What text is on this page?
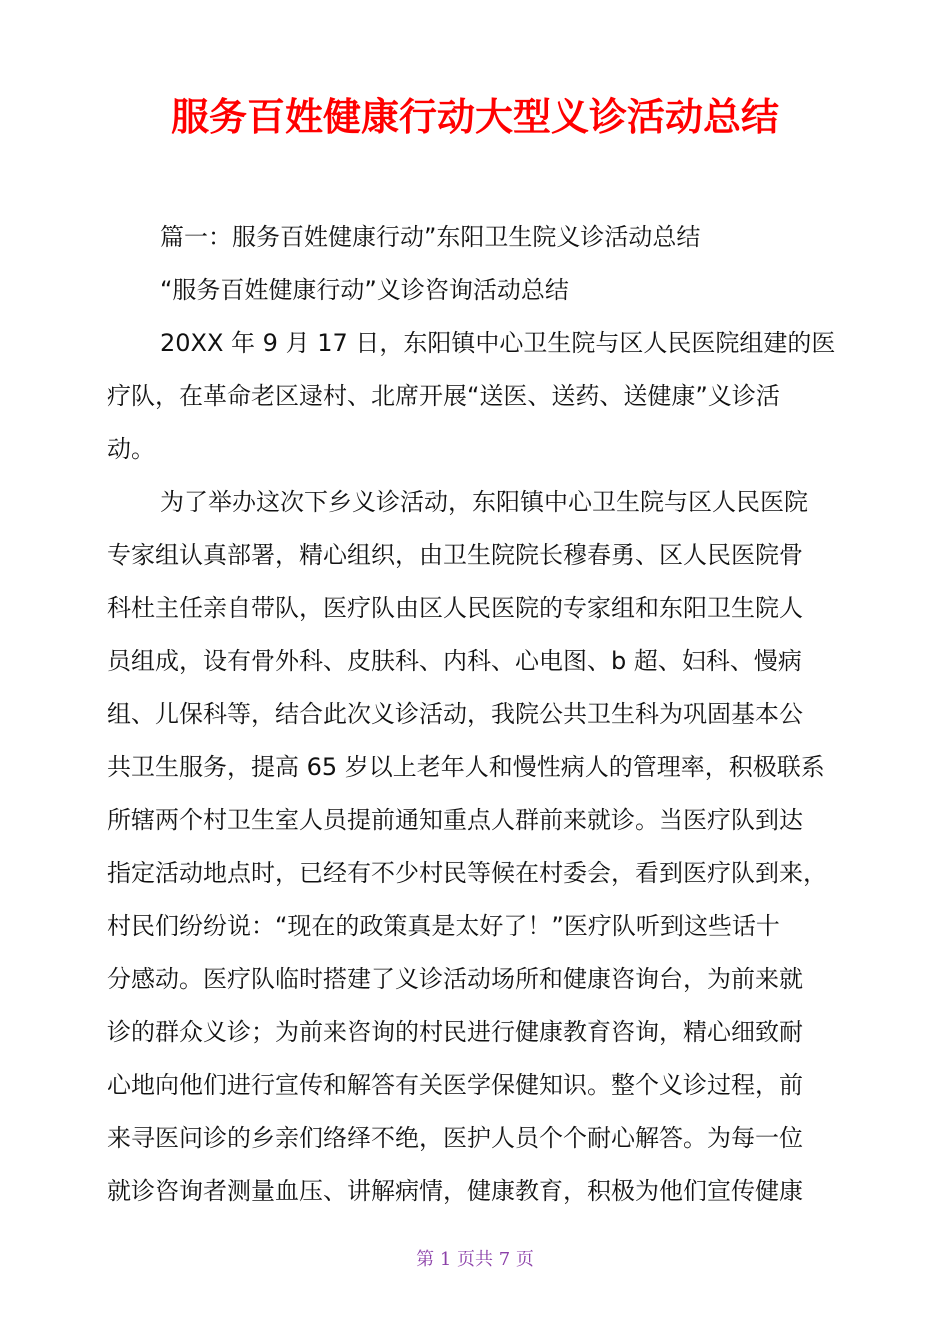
服务百姓健康行动大型义诊活动总结
篇一：服务百姓健康行动”东阳卫生院义诊活动总结
“服务百姓健康行动”义诊咨询活动总结
20XX 年 9 月 17 日，东阳镇中心卫生院与区人民医院组建的医
疗队，在革命老区逯村、北席开展“送医、送药、送健康”义诊活
动。
为了举办这次下乡义诊活动，东阳镇中心卫生院与区人民医院
专家组认真部署，精心组织，由卫生院院长穆春勇、区人民医院骨
科杜主任亲自带队，医疗队由区人民医院的专家组和东阳卫生院人
员组成，设有骨外科、皮肤科、内科、心电图、b 超、妇科、慢病
组、儿保科等，结合此次义诊活动，我院公共卫生科为巩固基本公
共卫生服务，提高 65 岁以上老年人和慢性病人的管理率，积极联系
所辖两个村卫生室人员提前通知重点人群前来就诊。当医疗队到达
指定活动地点时，已经有不少村民等候在村委会，看到医疗队到来，
村民们纷纷说：“现在的政策真是太好了！”医疗队听到这些话十
分感动。医疗队临时搭建了义诊活动场所和健康咨询台，为前来就
诊的群众义诊；为前来咨询的村民进行健康教育咨询，精心细致耐
心地向他们进行宣传和解答有关医学保健知识。整个义诊过程，前
来寻医问诊的乡亲们络绎不绝，医护人员个个耐心解答。为每一位
就诊咨询者测量血压、讲解病情，健康教育，积极为他们宣传健康
第 1 页共 7 页
